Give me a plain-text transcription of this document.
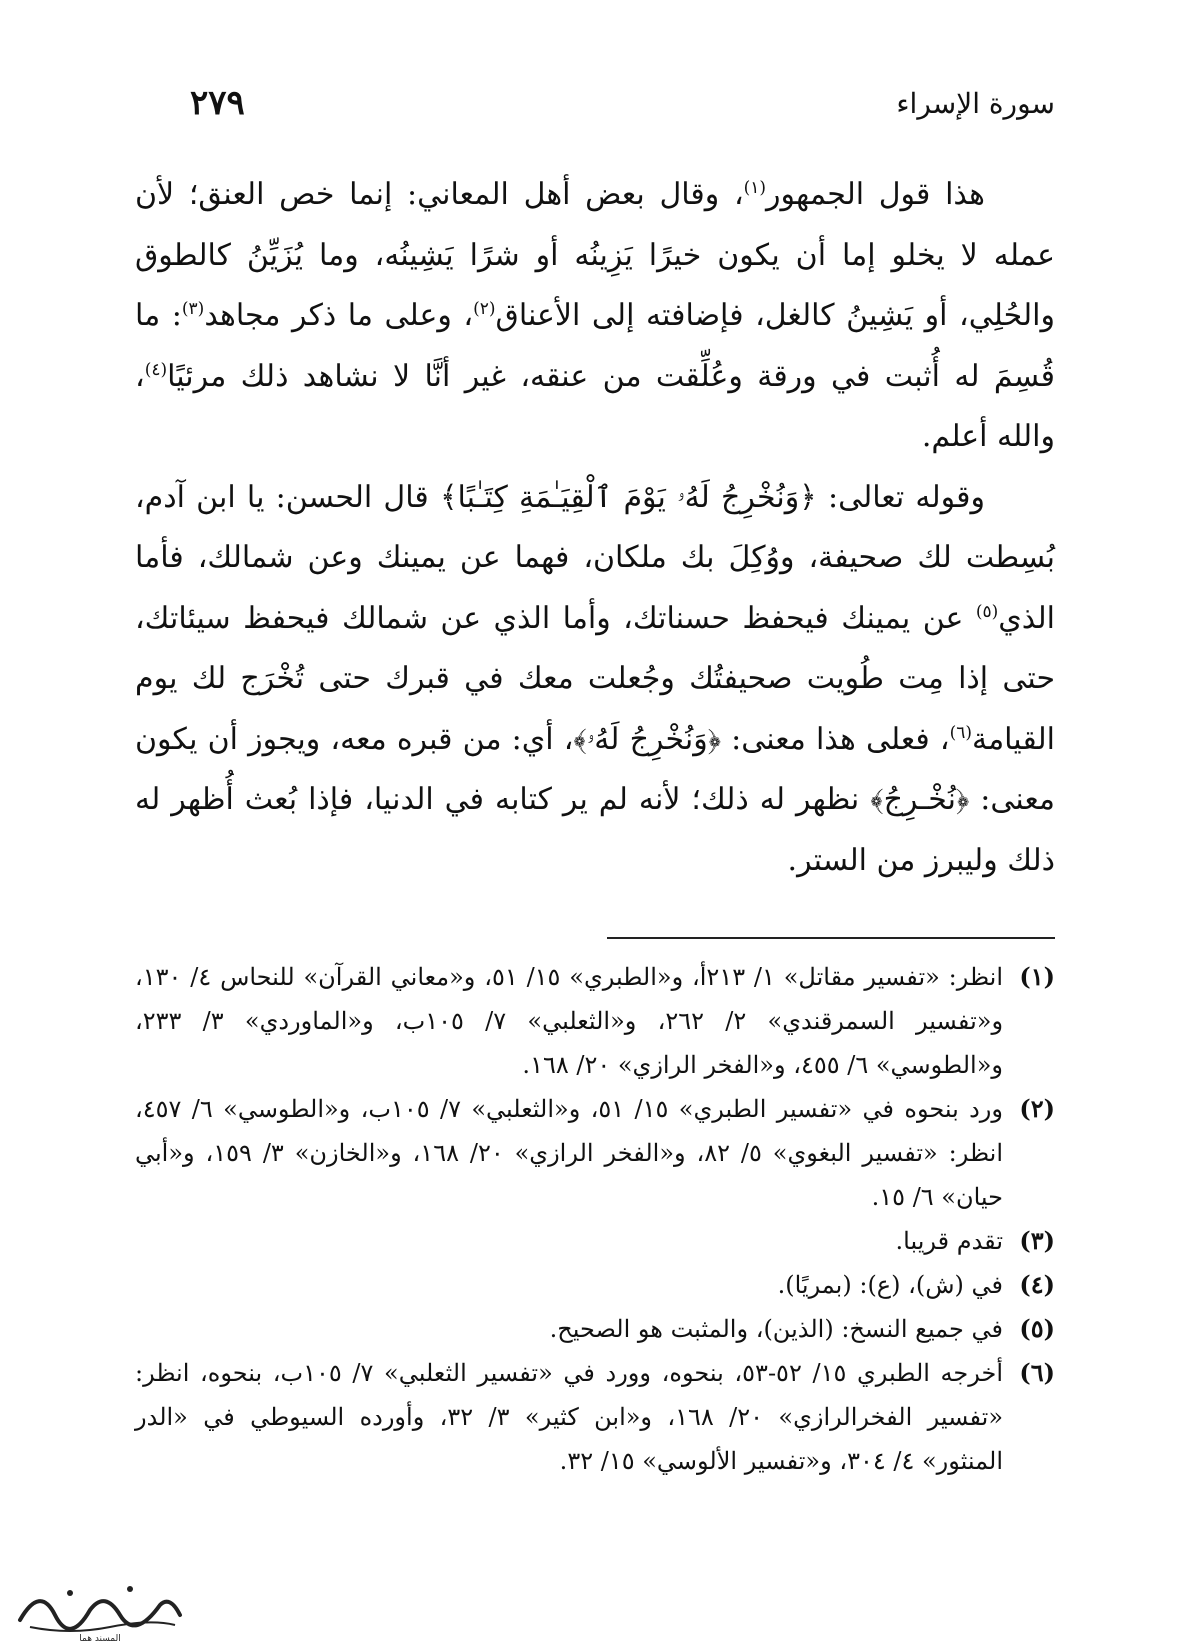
سورة الإسراء
٢٧٩

هذا قول الجمهور$^{(١)}$، وقال بعض أهل المعاني: إنما خص العنق؛ لأن عمله لا يخلو إما أن يكون خيرًا يَزِينُه أو شرًا يَشِينُه، وما يُزَيِّنُ كالطوق والحُلِي، أو يَشِينُ كالغل، فإضافته إلى الأعناق$^{(٢)}$، وعلى ما ذكر مجاهد$^{(٣)}$: ما قُسِمَ له أُثبت في ورقة وعُلِّقت من عنقه، غير أنَّا لا نشاهد ذلك مرئيًا$^{(٤)}$، والله أعلم.

وقوله تعالى: ﴿وَنُخْرِجُ لَهُۥ يَوْمَ ٱلْقِيَـٰمَةِ كِتَـٰبًا﴾ قال الحسن: يا ابن آدم، بُسِطت لك صحيفة، ووُكِلَ بك ملكان، فهما عن يمينك وعن شمالك، فأما الذي$^{(٥)}$ عن يمينك فيحفظ حسناتك، وأما الذي عن شمالك فيحفظ سيئاتك، حتى إذا مِت طُويت صحيفتُك وجُعلت معك في قبرك حتى تُخْرَج لك يوم القيامة$^{(٦)}$، فعلى هذا معنى: ﴿وَنُخْرِجُ لَهُۥ﴾، أي: من قبره معه، ويجوز أن يكون معنى: ﴿نُخْـرِجُ﴾ نظهر له ذلك؛ لأنه لم ير كتابه في الدنيا، فإذا بُعث أُظهر له ذلك وليبرز من الستر.

(١)
انظر: «تفسير مقاتل» ١/ ٢١٣أ، و«الطبري» ١٥/ ٥١، و«معاني القرآن» للنحاس ٤/ ١٣٠، و«تفسير السمرقندي» ٢/ ٢٦٢، و«الثعلبي» ٧/ ١٠٥ب، و«الماوردي» ٣/ ٢٣٣، و«الطوسي» ٦/ ٤٥٥، و«الفخر الرازي» ٢٠/ ١٦٨.
(٢)
ورد بنحوه في «تفسير الطبري» ١٥/ ٥١، و«الثعلبي» ٧/ ١٠٥ب، و«الطوسي» ٦/ ٤٥٧، انظر: «تفسير البغوي» ٥/ ٨٢، و«الفخر الرازي» ٢٠/ ١٦٨، و«الخازن» ٣/ ١٥٩، و«أبي حيان» ٦/ ١٥.
(٣)
تقدم قريبا.
(٤)
في (ش)، (ع): (بمريًا).
(٥)
في جميع النسخ: (الذين)، والمثبت هو الصحيح.
(٦)
أخرجه الطبري ١٥/ ٥٢-٥٣، بنحوه، وورد في «تفسير الثعلبي» ٧/ ١٠٥ب، بنحوه، انظر: «تفسير الفخرالرازي» ٢٠/ ١٦٨، و«ابن كثير» ٣/ ٣٢، وأورده السيوطي في «الدر المنثور» ٤/ ٣٠٤، و«تفسير الألوسي» ١٥/ ٣٢.
المسند هما
